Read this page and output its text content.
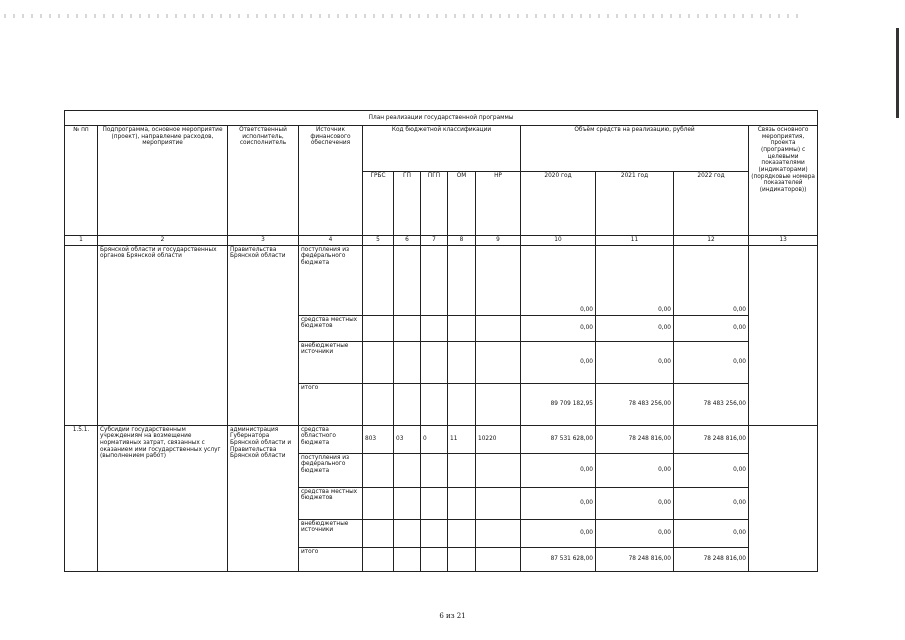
План реализации государственной программы												
№ пп	Подпрограмма, основное мероприятие (проект), направление расходов, мероприятие	Ответственный исполнитель, соисполнитель	Источник финансового обеспечения	Код бюджетной классификации					Объём средств на реализацию, рублей			Связь основного мероприятия, проекта (программы) с целевыми показателями (индикаторами) (порядковые номера показателей (индикаторов))
				ГРБС	ГП	ПГП	ОМ	НР	2020 год	2021 год	2022 год	
1	2	3	4	5	6	7	8	9	10	11	12	13
	Брянской области и государственных органов Брянской области	Правительства Брянской области	поступления из федерального бюджета						0,00	0,00	0,00	
			средства местных бюджетов						0,00	0,00	0,00	
			внебюджетные источники						0,00	0,00	0,00	
			итого						89 709 182,95	78 483 256,00	78 483 256,00	
1.5.1.	Субсидии государственным учреждениям на возмещение нормативных затрат, связанных с оказанием ими государственных услуг (выполнением работ)	администрация Губернатора Брянской области и Правительства Брянской области	средства областного бюджета	803	03	0	11	10220	87 531 628,00	78 248 816,00	78 248 816,00	
			поступления из федерального бюджета						0,00	0,00	0,00	
			средства местных бюджетов						0,00	0,00	0,00	
			внебюджетные источники						0,00	0,00	0,00	
			итого						87 531 628,00	78 248 816,00	78 248 816,00	
6 из 21
